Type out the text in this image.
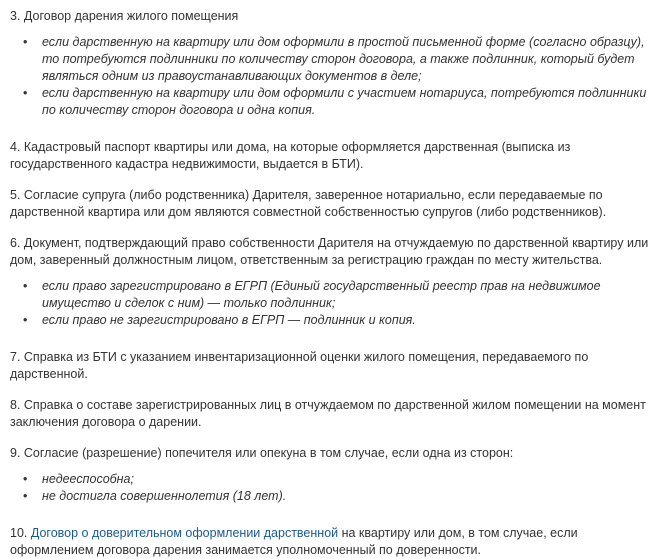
3. Договор дарения жилого помещения

• если дарственную на квартиру или дом оформили в простой письменной форме (согласно образцу), то потребуются подлинники по количеству сторон договора, а также подлинник, который будет являться одним из правоустанавливающих документов в деле;
• если дарственную на квартиру или дом оформили с участием нотариуса, потребуются подлинники по количеству сторон договора и одна копия.

4. Кадастровый паспорт квартиры или дома, на которые оформляется дарственная (выписка из государственного кадастра недвижимости, выдается в БТИ).

5. Согласие супруга (либо родственника) Дарителя, заверенное нотариально, если передаваемые по дарственной квартира или дом являются совместной собственностью супругов (либо родственников).

6. Документ, подтверждающий право собственности Дарителя на отчуждаемую по дарственной квартиру или дом, заверенный должностным лицом, ответственным за регистрацию граждан по месту жительства.

• если право зарегистрировано в ЕГРП (Единый государственный реестр прав на недвижимое имущество и сделок с ним) — только подлинник;
• если право не зарегистрировано в ЕГРП — подлинник и копия.

7. Справка из БТИ с указанием инвентаризационной оценки жилого помещения, передаваемого по дарственной.

8. Справка о составе зарегистрированных лиц в отчуждаемом по дарственной жилом помещении на момент заключения договора о дарении.

9. Согласие (разрешение) попечителя или опекуна в том случае, если одна из сторон:

• недееспособна;
• не достигла совершеннолетия (18 лет).

10. Договор о доверительном оформлении дарственной на квартиру или дом, в том случае, если оформлением договора дарения занимается уполномоченный по доверенности.
